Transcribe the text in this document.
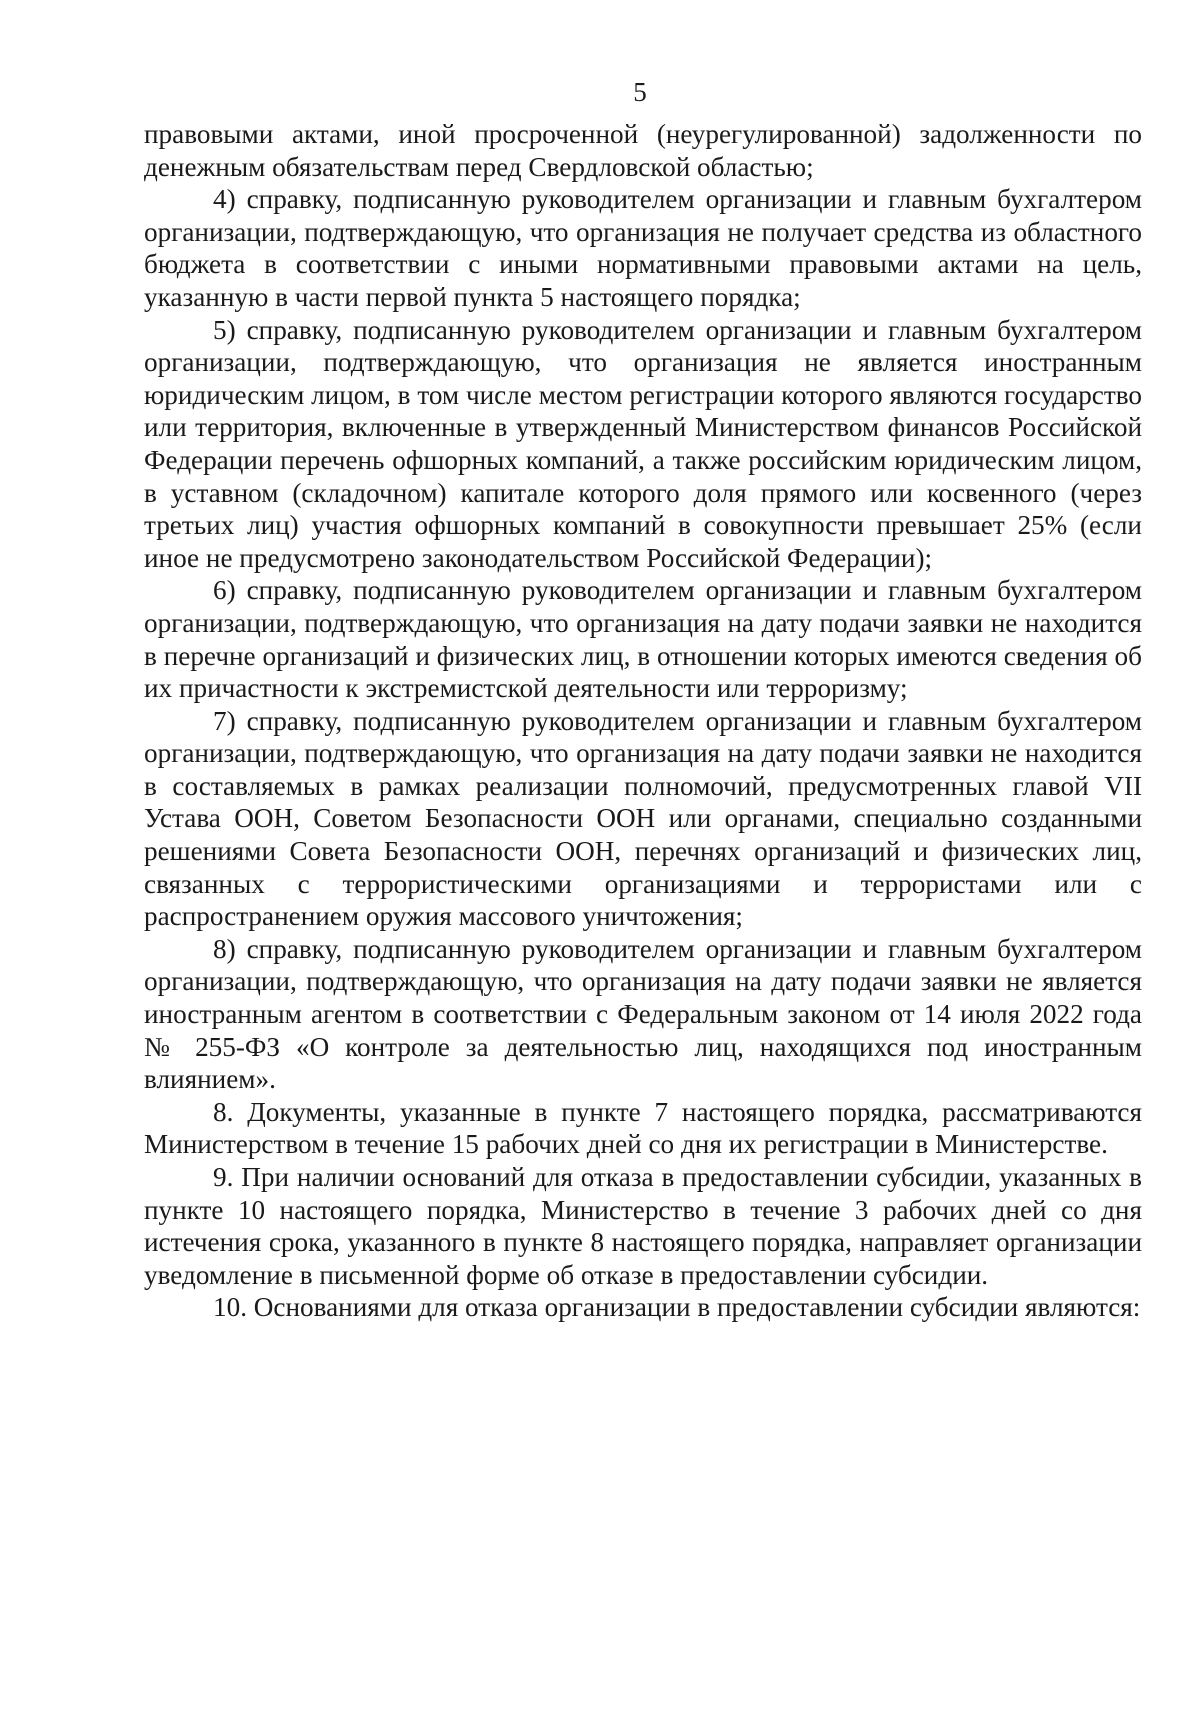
5

правовыми актами, иной просроченной (неурегулированной) задолженности по денежным обязательствам перед Свердловской областью;

4) справку, подписанную руководителем организации и главным бухгалтером организации, подтверждающую, что организация не получает средства из областного бюджета в соответствии с иными нормативными правовыми актами на цель, указанную в части первой пункта 5 настоящего порядка;

5) справку, подписанную руководителем организации и главным бухгалтером организации, подтверждающую, что организация не является иностранным юридическим лицом, в том числе местом регистрации которого являются государство или территория, включенные в утвержденный Министерством финансов Российской Федерации перечень офшорных компаний, а также российским юридическим лицом, в уставном (складочном) капитале которого доля прямого или косвенного (через третьих лиц) участия офшорных компаний в совокупности превышает 25% (если иное не предусмотрено законодательством Российской Федерации);

6) справку, подписанную руководителем организации и главным бухгалтером организации, подтверждающую, что организация на дату подачи заявки не находится в перечне организаций и физических лиц, в отношении которых имеются сведения об их причастности к экстремистской деятельности или терроризму;

7) справку, подписанную руководителем организации и главным бухгалтером организации, подтверждающую, что организация на дату подачи заявки не находится в составляемых в рамках реализации полномочий, предусмотренных главой VII Устава ООН, Советом Безопасности ООН или органами, специально созданными решениями Совета Безопасности ООН, перечнях организаций и физических лиц, связанных с террористическими организациями и террористами или с распространением оружия массового уничтожения;

8) справку, подписанную руководителем организации и главным бухгалтером организации, подтверждающую, что организация на дату подачи заявки не является иностранным агентом в соответствии с Федеральным законом от 14 июля 2022 года № 255-ФЗ «О контроле за деятельностью лиц, находящихся под иностранным влиянием».

8. Документы, указанные в пункте 7 настоящего порядка, рассматриваются Министерством в течение 15 рабочих дней со дня их регистрации в Министерстве.

9. При наличии оснований для отказа в предоставлении субсидии, указанных в пункте 10 настоящего порядка, Министерство в течение 3 рабочих дней со дня истечения срока, указанного в пункте 8 настоящего порядка, направляет организации уведомление в письменной форме об отказе в предоставлении субсидии.

10. Основаниями для отказа организации в предоставлении субсидии являются:
